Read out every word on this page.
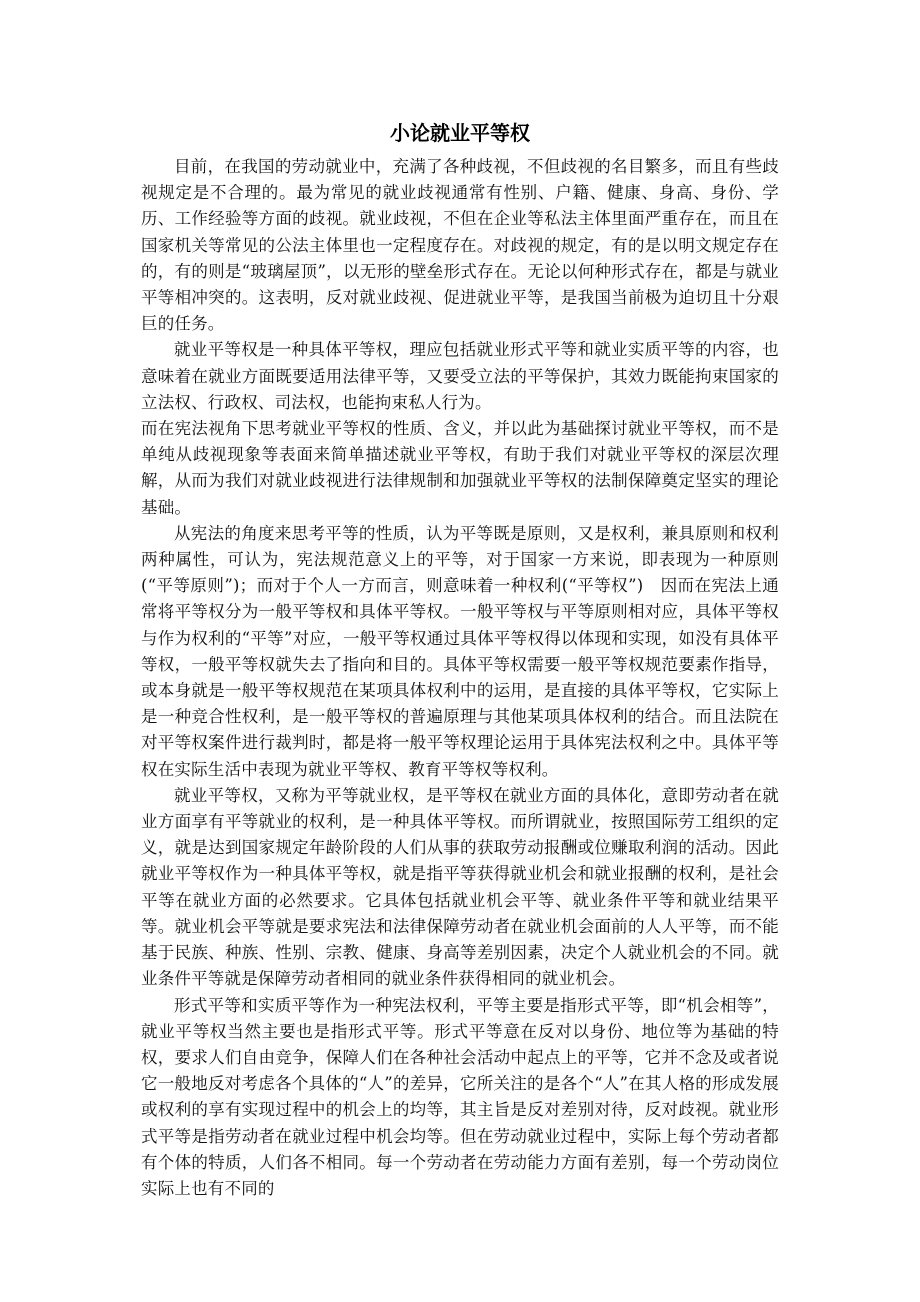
小论就业平等权

目前，在我国的劳动就业中，充满了各种歧视，不但歧视的名目繁多，而且有些歧视规定是不合理的。最为常见的就业歧视通常有性别、户籍、健康、身高、身份、学历、工作经验等方面的歧视。就业歧视，不但在企业等私法主体里面严重存在，而且在国家机关等常见的公法主体里也一定程度存在。对歧视的规定，有的是以明文规定存在的，有的则是“玻璃屋顶”，以无形的壁垒形式存在。无论以何种形式存在，都是与就业平等相冲突的。这表明，反对就业歧视、促进就业平等，是我国当前极为迫切且十分艰巨的任务。

就业平等权是一种具体平等权，理应包括就业形式平等和就业实质平等的内容，也意味着在就业方面既要适用法律平等，又要受立法的平等保护，其效力既能拘束国家的立法权、行政权、司法权，也能拘束私人行为。

而在宪法视角下思考就业平等权的性质、含义，并以此为基础探讨就业平等权，而不是单纯从歧视现象等表面来简单描述就业平等权，有助于我们对就业平等权的深层次理解，从而为我们对就业歧视进行法律规制和加强就业平等权的法制保障奠定坚实的理论基础。

从宪法的角度来思考平等的性质，认为平等既是原则，又是权利，兼具原则和权利两种属性，可认为，宪法规范意义上的平等，对于国家一方来说，即表现为一种原则(“平等原则”)；而对于个人一方而言，则意味着一种权利(“平等权”)　因而在宪法上通常将平等权分为一般平等权和具体平等权。一般平等权与平等原则相对应，具体平等权与作为权利的“平等”对应，一般平等权通过具体平等权得以体现和实现，如没有具体平等权，一般平等权就失去了指向和目的。具体平等权需要一般平等权规范要素作指导，或本身就是一般平等权规范在某项具体权利中的运用，是直接的具体平等权，它实际上是一种竞合性权利，是一般平等权的普遍原理与其他某项具体权利的结合。而且法院在对平等权案件进行裁判时，都是将一般平等权理论运用于具体宪法权利之中。具体平等权在实际生活中表现为就业平等权、教育平等权等权利。

就业平等权，又称为平等就业权，是平等权在就业方面的具体化，意即劳动者在就业方面享有平等就业的权利，是一种具体平等权。而所谓就业，按照国际劳工组织的定义，就是达到国家规定年龄阶段的人们从事的获取劳动报酬或位赚取利润的活动。因此就业平等权作为一种具体平等权，就是指平等获得就业机会和就业报酬的权利，是社会平等在就业方面的必然要求。它具体包括就业机会平等、就业条件平等和就业结果平等。就业机会平等就是要求宪法和法律保障劳动者在就业机会面前的人人平等，而不能基于民族、种族、性别、宗教、健康、身高等差别因素，决定个人就业机会的不同。就业条件平等就是保障劳动者相同的就业条件获得相同的就业机会。

形式平等和实质平等作为一种宪法权利，平等主要是指形式平等，即“机会相等”，就业平等权当然主要也是指形式平等。形式平等意在反对以身份、地位等为基础的特权，要求人们自由竞争，保障人们在各种社会活动中起点上的平等，它并不念及或者说它一般地反对考虑各个具体的“人”的差异，它所关注的是各个“人”在其人格的形成发展或权利的享有实现过程中的机会上的均等，其主旨是反对差别对待，反对歧视。就业形式平等是指劳动者在就业过程中机会均等。但在劳动就业过程中，实际上每个劳动者都有个体的特质，人们各不相同。每一个劳动者在劳动能力方面有差别，每一个劳动岗位实际上也有不同的
